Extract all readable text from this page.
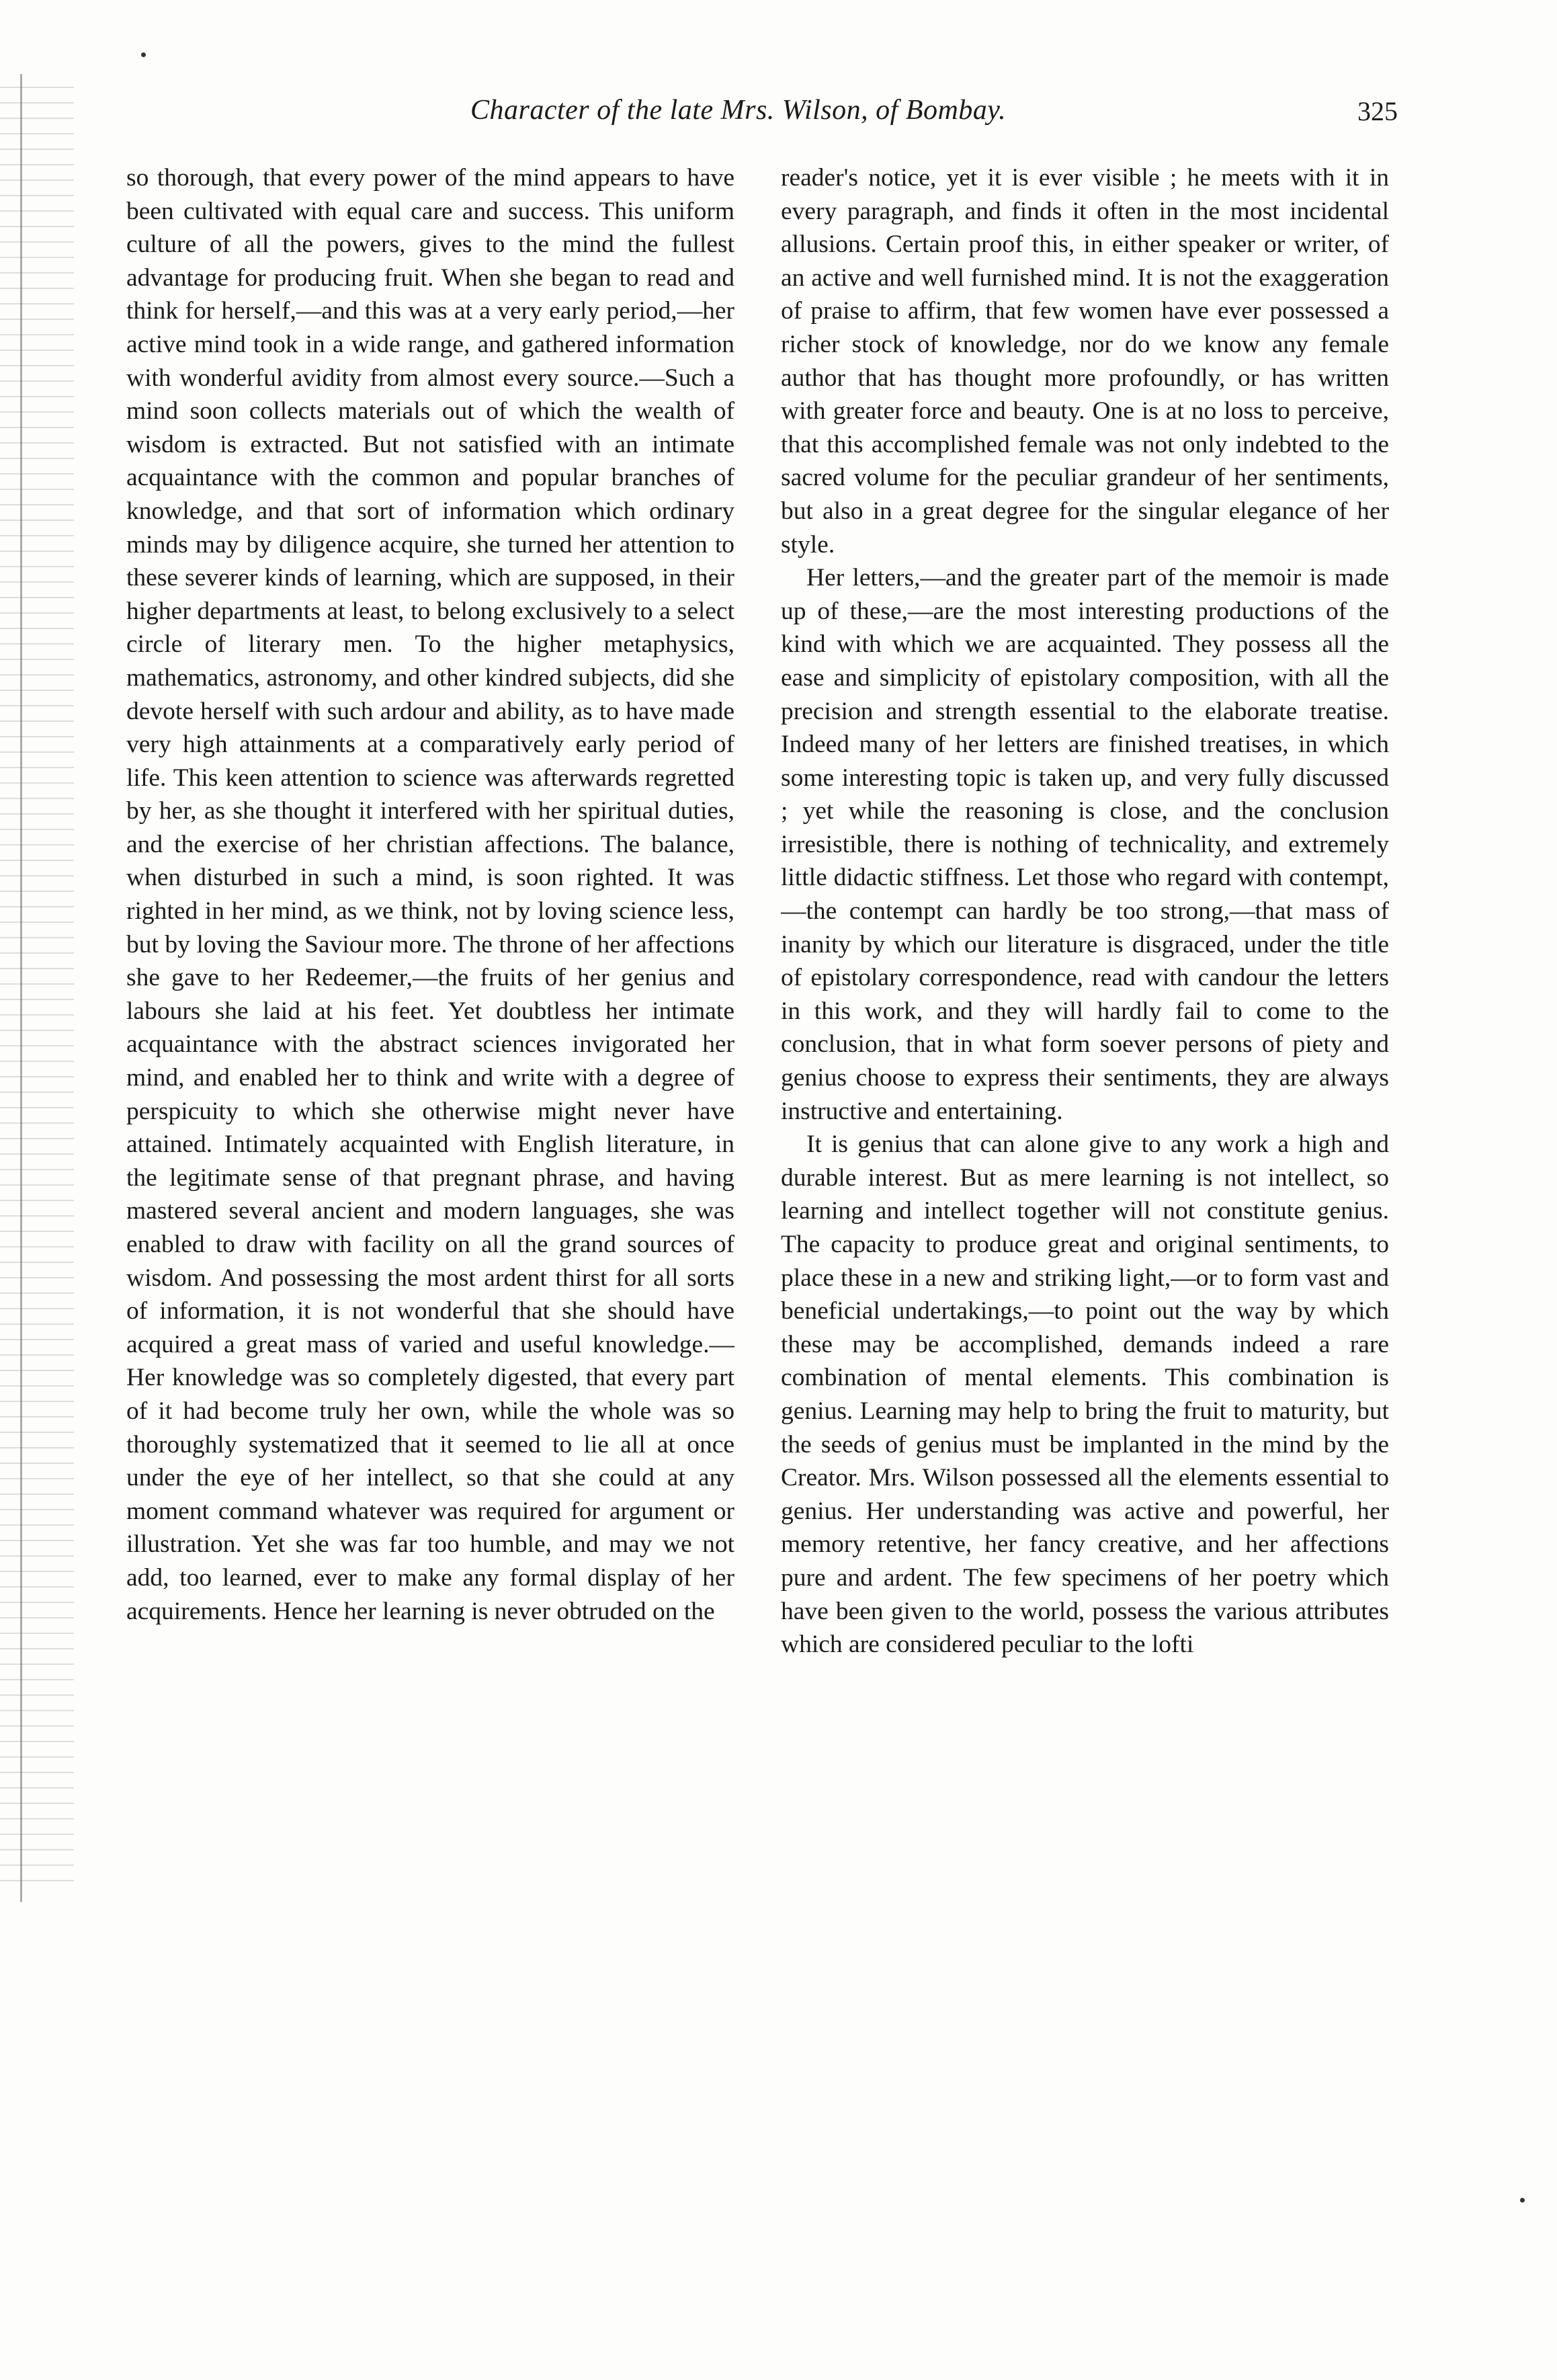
Character of the late Mrs. Wilson, of Bombay.	325

so thorough, that every power of the mind appears to have been cultivated with equal care and success. This uniform culture of all the powers, gives to the mind the fullest advantage for producing fruit. When she began to read and think for herself,—and this was at a very early period,—her active mind took in a wide range, and gathered information with wonderful avidity from almost every source.—Such a mind soon collects materials out of which the wealth of wisdom is extracted. But not satisfied with an intimate acquaintance with the common and popular branches of knowledge, and that sort of information which ordinary minds may by diligence acquire, she turned her attention to these severer kinds of learning, which are supposed, in their higher departments at least, to belong exclusively to a select circle of literary men. To the higher metaphysics, mathematics, astronomy, and other kindred subjects, did she devote herself with such ardour and ability, as to have made very high attainments at a comparatively early period of life. This keen attention to science was afterwards regretted by her, as she thought it interfered with her spiritual duties, and the exercise of her christian affections. The balance, when disturbed in such a mind, is soon righted. It was righted in her mind, as we think, not by loving science less, but by loving the Saviour more. The throne of her affections she gave to her Redeemer,—the fruits of her genius and labours she laid at his feet. Yet doubtless her intimate acquaintance with the abstract sciences invigorated her mind, and enabled her to think and write with a degree of perspicuity to which she otherwise might never have attained. Intimately acquainted with English literature, in the legitimate sense of that pregnant phrase, and having mastered several ancient and modern languages, she was enabled to draw with facility on all the grand sources of wisdom. And possessing the most ardent thirst for all sorts of information, it is not wonderful that she should have acquired a great mass of varied and useful knowledge.—Her knowledge was so completely digested, that every part of it had become truly her own, while the whole was so thoroughly systematized that it seemed to lie all at once under the eye of her intellect, so that she could at any moment command whatever was required for argument or illustration. Yet she was far too humble, and may we not add, too learned, ever to make any formal display of her acquirements. Hence her learning is never obtruded on the

reader's notice, yet it is ever visible ; he meets with it in every paragraph, and finds it often in the most incidental allusions. Certain proof this, in either speaker or writer, of an active and well furnished mind. It is not the exaggeration of praise to affirm, that few women have ever possessed a richer stock of knowledge, nor do we know any female author that has thought more profoundly, or has written with greater force and beauty. One is at no loss to perceive, that this accomplished female was not only indebted to the sacred volume for the peculiar grandeur of her sentiments, but also in a great degree for the singular elegance of her style.

Her letters,—and the greater part of the memoir is made up of these,—are the most interesting productions of the kind with which we are acquainted. They possess all the ease and simplicity of epistolary composition, with all the precision and strength essential to the elaborate treatise. Indeed many of her letters are finished treatises, in which some interesting topic is taken up, and very fully discussed ; yet while the reasoning is close, and the conclusion irresistible, there is nothing of technicality, and extremely little didactic stiffness. Let those who regard with contempt,—the contempt can hardly be too strong,—that mass of inanity by which our literature is disgraced, under the title of epistolary correspondence, read with candour the letters in this work, and they will hardly fail to come to the conclusion, that in what form soever persons of piety and genius choose to express their sentiments, they are always instructive and entertaining.

It is genius that can alone give to any work a high and durable interest. But as mere learning is not intellect, so learning and intellect together will not constitute genius. The capacity to produce great and original sentiments, to place these in a new and striking light,—or to form vast and beneficial undertakings,—to point out the way by which these may be accomplished, demands indeed a rare combination of mental elements. This combination is genius. Learning may help to bring the fruit to maturity, but the seeds of genius must be implanted in the mind by the Creator. Mrs. Wilson possessed all the elements essential to genius. Her understanding was active and powerful, her memory retentive, her fancy creative, and her affections pure and ardent. The few specimens of her poetry which have been given to the world, possess the various attributes which are considered peculiar to the lofti
